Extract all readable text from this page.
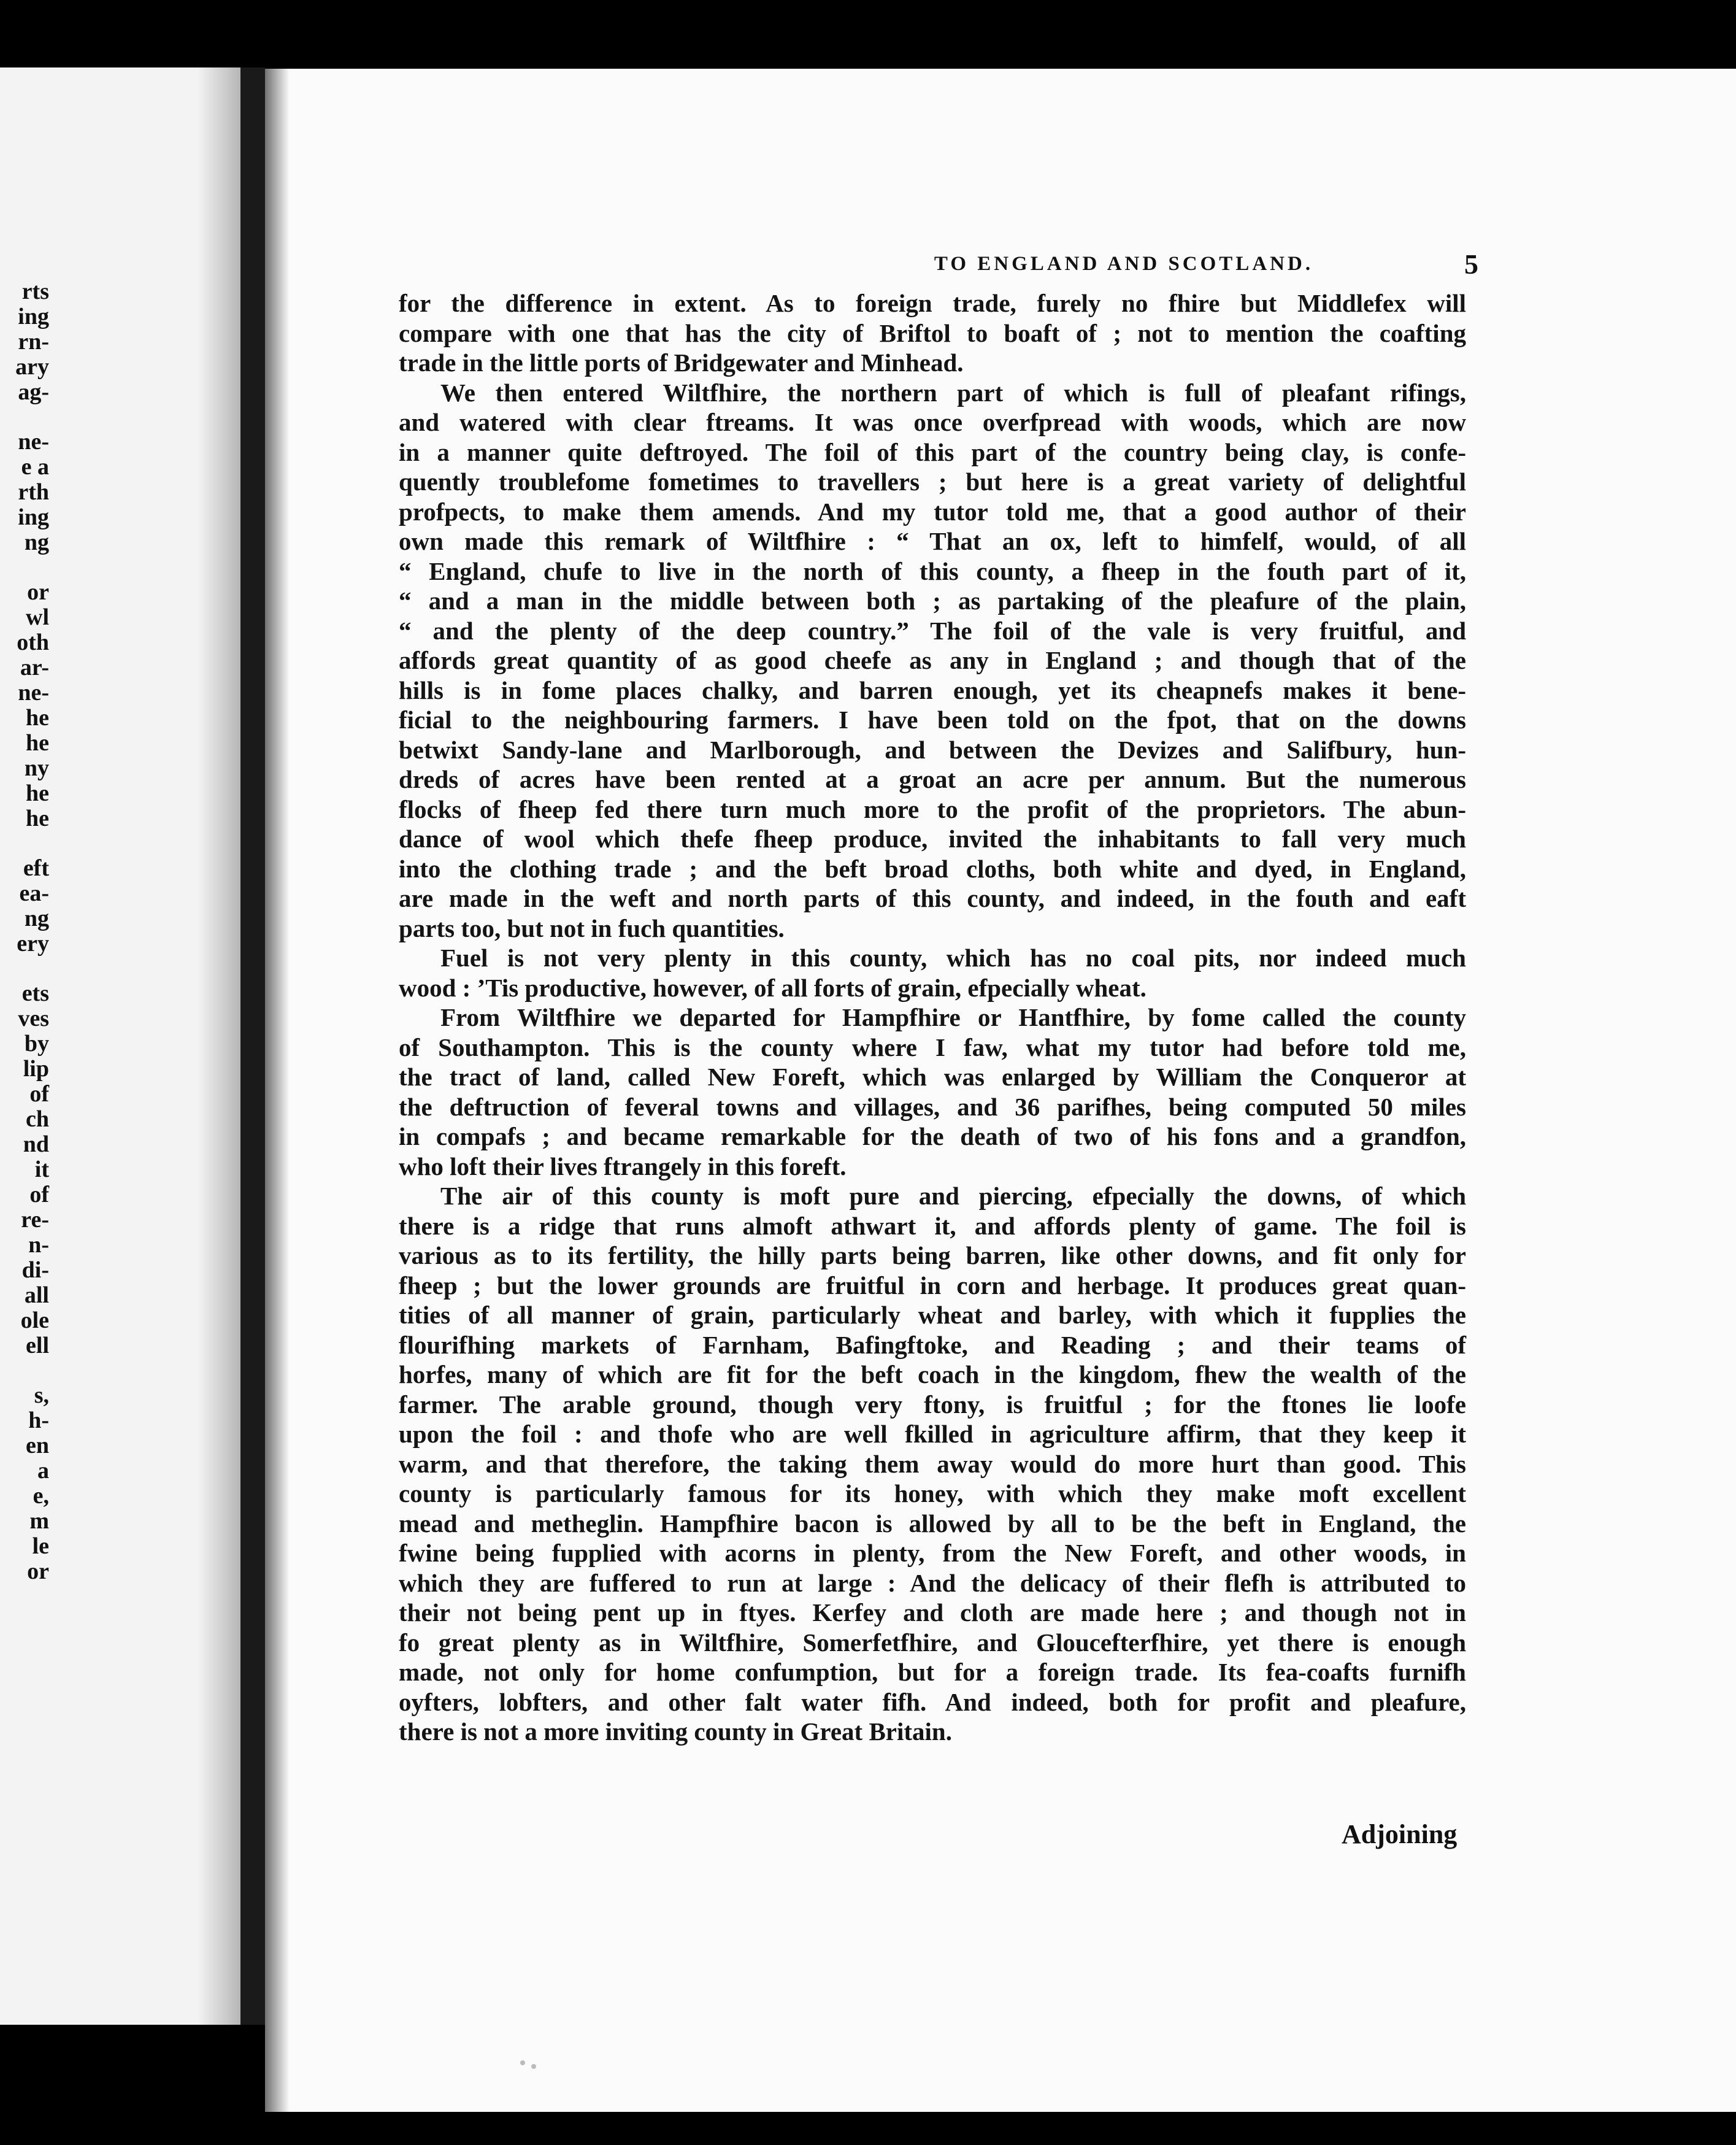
rts
ing
rn-
ary
ag-
ne-
e a
rth
ing
ng
or
wl
oth
ar-
ne-
he
he
ny
he
he
eft
ea-
ng
ery
ets
ves
by
lip
of
ch
nd
it
of
re-
n-
di-
all
ole
ell
s,
h-
en
a
e,
m
le
or
TO ENGLAND AND SCOTLAND.	5
for the difference in extent. As to foreign trade, furely no fhire but Middlefex will
compare with one that has the city of Briftol to boaft of ; not to mention the coafting
trade in the little ports of Bridgewater and Minhead.
We then entered Wiltfhire, the northern part of which is full of pleafant rifings,
and watered with clear ftreams. It was once overfpread with woods, which are now
in a manner quite deftroyed. The foil of this part of the country being clay, is confe-
quently troublefome fometimes to travellers ; but here is a great variety of delightful
profpects, to make them amends. And my tutor told me, that a good author of their
own made this remark of Wiltfhire : “ That an ox, left to himfelf, would, of all
“ England, chufe to live in the north of this county, a fheep in the fouth part of it,
“ and a man in the middle between both ; as partaking of the pleafure of the plain,
“ and the plenty of the deep country.” The foil of the vale is very fruitful, and
affords great quantity of as good cheefe as any in England ; and though that of the
hills is in fome places chalky, and barren enough, yet its cheapnefs makes it bene-
ficial to the neighbouring farmers. I have been told on the fpot, that on the downs
betwixt Sandy-lane and Marlborough, and between the Devizes and Salifbury, hun-
dreds of acres have been rented at a groat an acre per annum. But the numerous
flocks of fheep fed there turn much more to the profit of the proprietors. The abun-
dance of wool which thefe fheep produce, invited the inhabitants to fall very much
into the clothing trade ; and the beft broad cloths, both white and dyed, in England,
are made in the weft and north parts of this county, and indeed, in the fouth and eaft
parts too, but not in fuch quantities.
Fuel is not very plenty in this county, which has no coal pits, nor indeed much
wood : ’Tis productive, however, of all forts of grain, efpecially wheat.
From Wiltfhire we departed for Hampfhire or Hantfhire, by fome called the county
of Southampton. This is the county where I faw, what my tutor had before told me,
the tract of land, called New Foreft, which was enlarged by William the Conqueror at
the deftruction of feveral towns and villages, and 36 parifhes, being computed 50 miles
in compafs ; and became remarkable for the death of two of his fons and a grandfon,
who loft their lives ftrangely in this foreft.
The air of this county is moft pure and piercing, efpecially the downs, of which
there is a ridge that runs almoft athwart it, and affords plenty of game. The foil is
various as to its fertility, the hilly parts being barren, like other downs, and fit only for
fheep ; but the lower grounds are fruitful in corn and herbage. It produces great quan-
tities of all manner of grain, particularly wheat and barley, with which it fupplies the
flourifhing markets of Farnham, Bafingftoke, and Reading ; and their teams of
horfes, many of which are fit for the beft coach in the kingdom, fhew the wealth of the
farmer. The arable ground, though very ftony, is fruitful ; for the ftones lie loofe
upon the foil : and thofe who are well fkilled in agriculture affirm, that they keep it
warm, and that therefore, the taking them away would do more hurt than good. This
county is particularly famous for its honey, with which they make moft excellent
mead and metheglin. Hampfhire bacon is allowed by all to be the beft in England, the
fwine being fupplied with acorns in plenty, from the New Foreft, and other woods, in
which they are fuffered to run at large : And the delicacy of their flefh is attributed to
their not being pent up in ftyes. Kerfey and cloth are made here ; and though not in
fo great plenty as in Wiltfhire, Somerfetfhire, and Gloucefterfhire, yet there is enough
made, not only for home confumption, but for a foreign trade. Its fea-coafts furnifh
oyfters, lobfters, and other falt water fifh. And indeed, both for profit and pleafure,
there is not a more inviting county in Great Britain.
Adjoining
